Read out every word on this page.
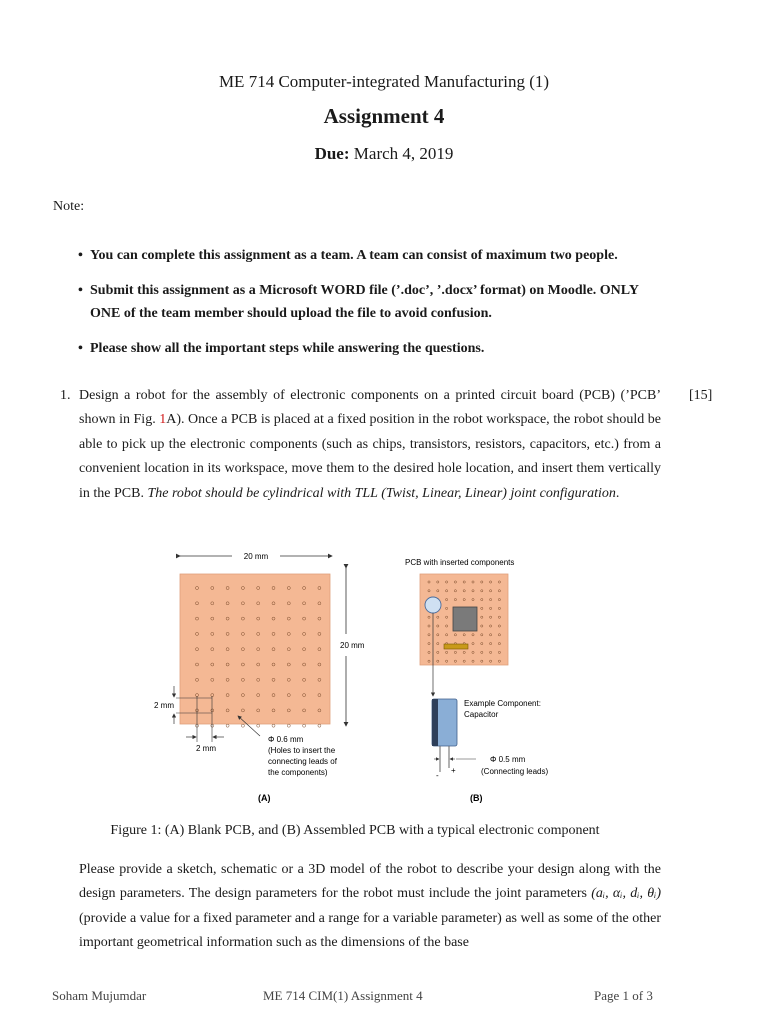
ME 714 Computer-integrated Manufacturing (1)
Assignment 4
Due: March 4, 2019
Note:
• You can complete this assignment as a team. A team can consist of maximum two people.
• Submit this assignment as a Microsoft WORD file (’.doc’, ’.docx’ format) on Moodle. ONLY ONE of the team member should upload the file to avoid confusion.
• Please show all the important steps while answering the questions.
1.	[15]
Design a robot for the assembly of electronic components on a printed circuit board (PCB) (’PCB’ shown in Fig. 1A). Once a PCB is placed at a fixed position in the robot workspace, the robot should be able to pick up the electronic components (such as chips, transistors, resistors, capacitors, etc.) from a convenient location in its workspace, move them to the desired hole location, and insert them vertically in the PCB. The robot should be cylindrical with TLL (Twist, Linear, Linear) joint configuration.
20 mm
20 mm
2 mm
2 mm
Φ 0.6 mm
(Holes to insert the
connecting leads of
the components)
(A)
PCB with inserted components
-
+
Example Component:
Capacitor
Φ 0.5 mm
(Connecting leads)
(B)
Figure 1: (A) Blank PCB, and (B) Assembled PCB with a typical electronic component
Please provide a sketch, schematic or a 3D model of the robot to describe your design along with the design parameters. The design parameters for the robot must include the joint parameters (aᵢ, αᵢ, dᵢ, θᵢ) (provide a value for a fixed parameter and a range for a variable parameter) as well as some of the other important geometrical information such as the dimensions of the base
Soham Mujumdar	ME 714 CIM(1) Assignment 4	Page 1 of 3
